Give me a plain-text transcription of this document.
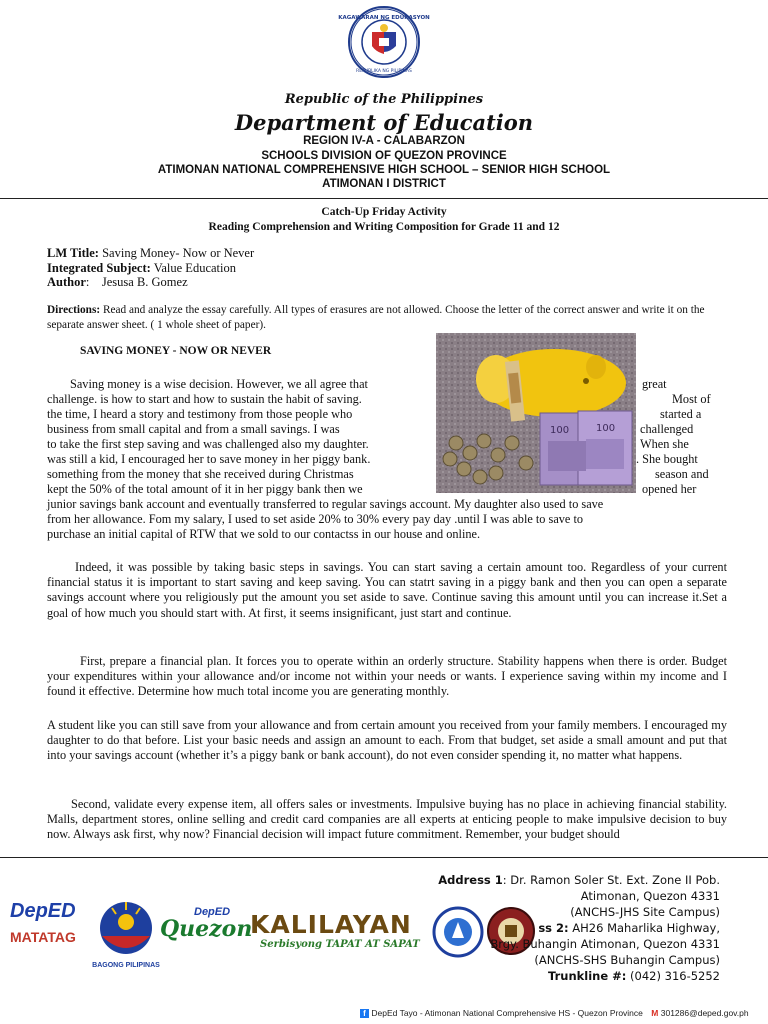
KAGAWARAN NG EDUKASYON
REPUBLIKA NG PILIPINAS
Republic of the Philippines
Department of Education
REGION IV-A - CALABARZON
SCHOOLS DIVISION OF QUEZON PROVINCE
ATIMONAN NATIONAL COMPREHENSIVE HIGH SCHOOL – SENIOR HIGH SCHOOL
ATIMONAN I DISTRICT
Catch-Up Friday Activity
Reading Comprehension and Writing Composition for Grade 11 and 12
LM Title: Saving Money- Now or Never
Integrated Subject: Value Education
Author:    Jesusa B. Gomez
Directions: Read and analyze the essay carefully. All types of erasures are not allowed. Choose the letter of the correct answer and write it on the separate answer sheet. ( 1 whole sheet of paper).
SAVING MONEY - NOW OR NEVER
100	100
Saving money is a wise decision. However, we all agree that
challenge. is how to start and how to sustain the habit of saving.
the time, I heard a story and testimony from those people who
business from small capital and from a small savings. I was
to take the first step saving and was challenged also my daughter.
was still a kid, I encouraged her to save money in her piggy bank.
something from the money that she received during Christmas
kept the 50% of the total amount of it in her piggy bank then we
great
Most of
started a
challenged
When she
. She bought
season and
opened her
junior savings bank account and eventually transferred to regular savings account. My daughter also used to save
from her allowance. Fom my salary, I used to set aside 20% to 30% every pay day .until I was able to save to
purchase an initial capital of RTW that we sold to our contactss in our house and online.
Indeed, it was possible by taking basic steps in savings. You can start saving a certain amount too. Regardless of your current financial status it is important to start saving and keep saving. You can statrt saving in a piggy bank and then you can open a separate savings account where you religiously put the amount you set aside to save. Continue saving this amount until you can increase it.Set a goal of how much you should start with. At first, it seems insignificant, just start and continue.
First, prepare a financial plan. It forces you to operate within an orderly structure. Stability happens when there is order. Budget your expenditures within your allowance and/or income not within your needs or wants. I experience saving within my income and I found it effective. Determine how much total income you are generating monthly.
A student like you can still save from your allowance and from certain amount you received from your family members. I encouraged my daughter to do that before. List your basic needs and assign an amount to each. From that budget, set aside a small amount and put that into your savings account (whether it’s a piggy bank or bank account), do not even consider spending it, no matter what happens.
Second, validate every expense item, all offers sales or investments. Impulsive buying has no place in achieving financial stability. Malls, department stores, online selling and credit card companies are all experts at enticing people to make impulsive decision to buy now. Always ask first, why now? Financial decision will impact future commitment. Remember, your budget should
DepED
MATATAG
BAGONG PILIPINAS
DepED
Quezon
KALILAYAN
Serbisyong TAPAT AT SAPAT
Address 1: Dr. Ramon Soler St. Ext. Zone II Pob.
Atimonan, Quezon 4331
(ANCHS-JHS Site Campus)
ss 2: AH26 Maharlika Highway,
Brgy. Buhangin Atimonan, Quezon 4331
(ANCHS-SHS Buhangin Campus)
Trunkline #: (042) 316-5252
f DepEd Tayo - Atimonan National Comprehensive HS - Quezon Province M 301286@deped.gov.ph
